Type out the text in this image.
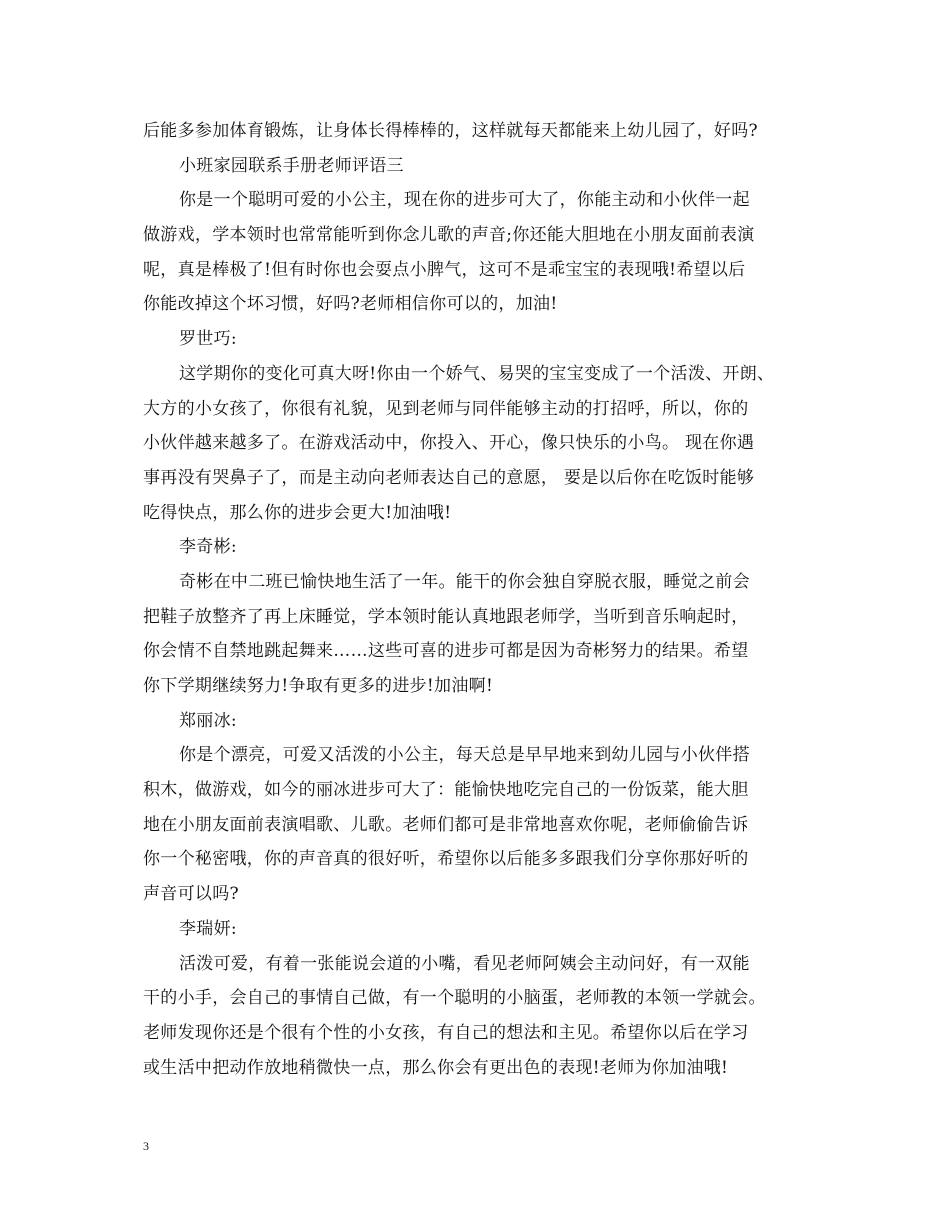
后能多参加体育锻炼，让身体长得棒棒的，这样就每天都能来上幼儿园了，好吗?
小班家园联系手册老师评语三
你是一个聪明可爱的小公主，现在你的进步可大了，你能主动和小伙伴一起
做游戏，学本领时也常常能听到你念儿歌的声音;你还能大胆地在小朋友面前表演
呢，真是棒极了!但有时你也会耍点小脾气，这可不是乖宝宝的表现哦!希望以后
你能改掉这个坏习惯，好吗?老师相信你可以的，加油!
罗世巧:
这学期你的变化可真大呀!你由一个娇气、易哭的宝宝变成了一个活泼、开朗、
大方的小女孩了，你很有礼貌，见到老师与同伴能够主动的打招呼，所以，你的
小伙伴越来越多了。在游戏活动中，你投入、开心，像只快乐的小鸟。 现在你遇
事再没有哭鼻子了，而是主动向老师表达自己的意愿， 要是以后你在吃饭时能够
吃得快点，那么你的进步会更大!加油哦!
李奇彬:
奇彬在中二班已愉快地生活了一年。能干的你会独自穿脱衣服，睡觉之前会
把鞋子放整齐了再上床睡觉，学本领时能认真地跟老师学，当听到音乐响起时，
你会情不自禁地跳起舞来……这些可喜的进步可都是因为奇彬努力的结果。希望
你下学期继续努力!争取有更多的进步!加油啊!
郑丽冰:
你是个漂亮，可爱又活泼的小公主，每天总是早早地来到幼儿园与小伙伴搭
积木，做游戏，如今的丽冰进步可大了：能愉快地吃完自己的一份饭菜，能大胆
地在小朋友面前表演唱歌、儿歌。老师们都可是非常地喜欢你呢，老师偷偷告诉
你一个秘密哦，你的声音真的很好听，希望你以后能多多跟我们分享你那好听的
声音可以吗?
李瑞妍:
活泼可爱，有着一张能说会道的小嘴，看见老师阿姨会主动问好，有一双能
干的小手，会自己的事情自己做，有一个聪明的小脑蛋，老师教的本领一学就会。
老师发现你还是个很有个性的小女孩，有自己的想法和主见。希望你以后在学习
或生活中把动作放地稍微快一点，那么你会有更出色的表现!老师为你加油哦!
3
